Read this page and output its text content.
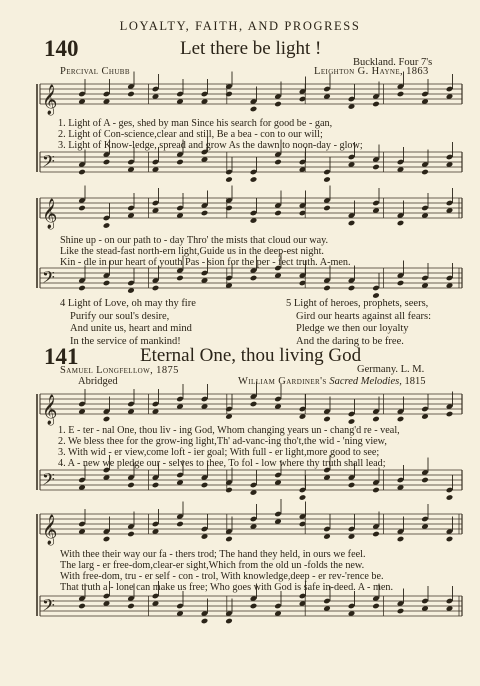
𝄞
𝄢
𝄞
𝄢
𝄞
𝄢
𝄞
𝄢
LOYALTY, FAITH, AND PROGRESS
140	Let there be light !
Buckland. Four 7's
Percival Chubb	Leighton G. Hayne, 1863
1. Light of A - ges, shed by man Since his search for good be - gan,
2. Light of Con-science,clear and still, Be a bea - con to our will;
3. Light of Know-ledge, spread and grow As the dawn to noon-day - glow;
Shine up - on our path to - day Thro' the mists that cloud our way.
Like the stead-fast north-ern light,Guide us in the deep-est night.
Kin - dle in our heart of youth Pas - sion for the per - fect truth. A-men.
4 Light of Love, oh may thy fire
Purify our soul's desire,
And unite us, heart and mind
In the service of mankind!
5 Light of heroes, prophets, seers,
Gird our hearts against all fears:
Pledge we then our loyalty
And the daring to be free.
141	Eternal One, thou living God
Samuel Longfellow, 1875	Germany. L. M.
Abridged	William Gardiner's Sacred Melodies, 1815
1. E - ter - nal One, thou liv - ing God, Whom changing years un - chang'd re - veal,
2. We bless thee for the grow-ing light,Th' ad-vanc-ing tho't,the wid - 'ning view,
3. With wid - er view,come loft - ier goal; With full - er light,more good to see;
4. A - new we pledge our - selves to thee, To fol - low where thy truth shall lead;
With thee their way our fa - thers trod; The hand they held, in ours we feel.
The larg - er free-dom,clear-er sight,Which from the old un -folds the new.
With free-dom, tru - er self - con - trol, With knowledge,deep - er rev-'rence be.
That truth a - lone can make us free; Who goes with God is safe in-deed. A - men.
